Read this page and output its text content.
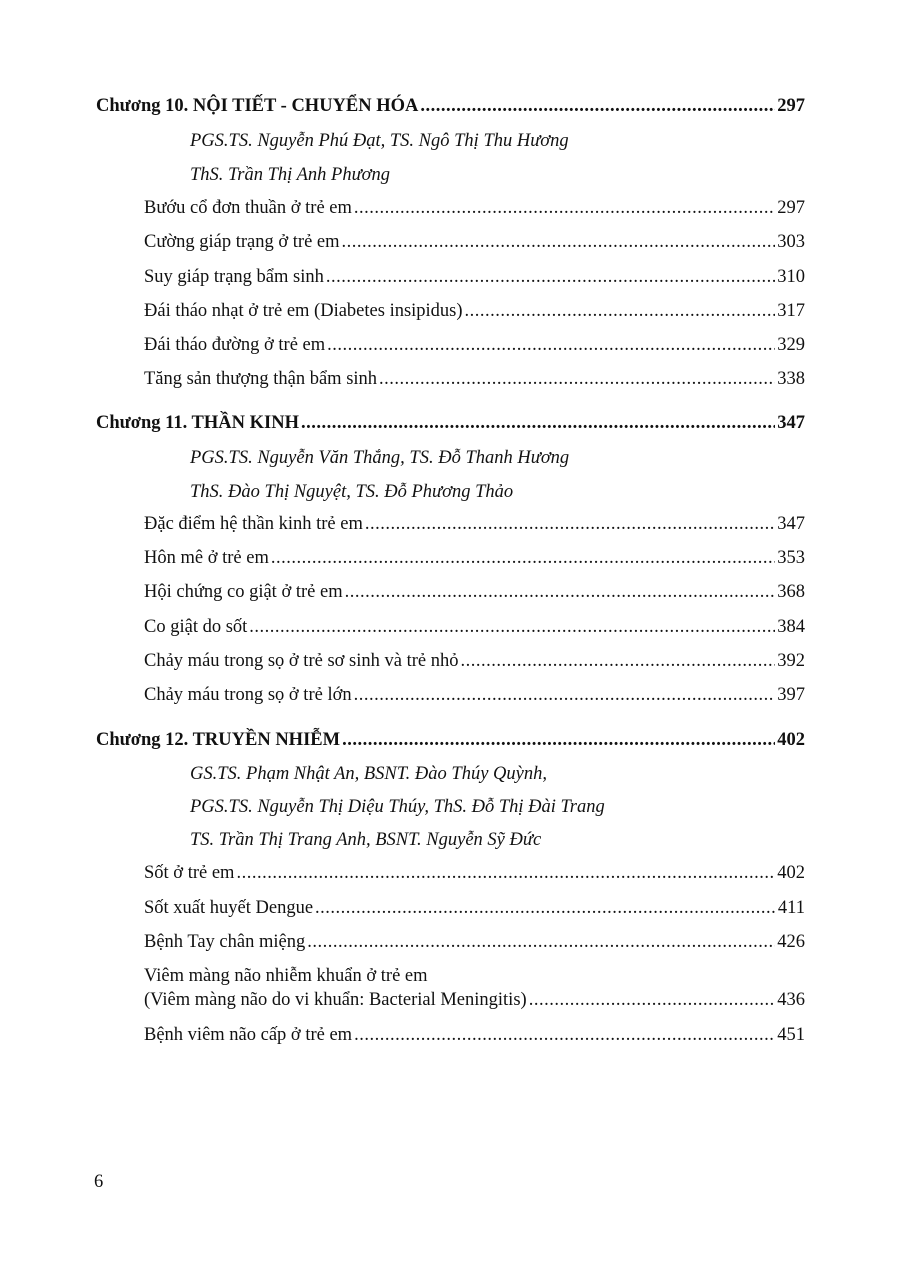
Chương 10. NỘI TIẾT - CHUYỂN HÓA .....	297
PGS.TS. Nguyễn Phú Đạt, TS. Ngô Thị Thu Hương
ThS. Trần Thị Anh Phương
Bướu cổ đơn thuần ở trẻ em .....	297
Cường giáp trạng ở trẻ em .....	303
Suy giáp trạng bẩm sinh .....	310
Đái tháo nhạt ở trẻ em (Diabetes insipidus) .....	317
Đái tháo đường ở trẻ em .....	329
Tăng sản thượng thận bẩm sinh .....	338
Chương 11. THẦN KINH .....	347
PGS.TS. Nguyễn Văn Thắng, TS. Đỗ Thanh Hương
ThS. Đào Thị Nguyệt, TS. Đỗ Phương Thảo
Đặc điểm hệ thần kinh trẻ em .....	347
Hôn mê ở trẻ em .....	353
Hội chứng co giật ở trẻ em .....	368
Co giật do sốt .....	384
Chảy máu trong sọ ở trẻ sơ sinh và trẻ nhỏ .....	392
Chảy máu trong sọ ở trẻ lớn .....	397
Chương 12. TRUYỀN NHIỄM .....	402
GS.TS. Phạm Nhật An, BSNT. Đào Thúy Quỳnh,
PGS.TS. Nguyễn Thị Diệu Thúy, ThS. Đỗ Thị Đài Trang
TS. Trần Thị Trang Anh, BSNT. Nguyễn Sỹ Đức
Sốt ở trẻ em .....	402
Sốt xuất huyết Dengue .....	411
Bệnh Tay chân miệng .....	426
Viêm màng não nhiễm khuẩn ở trẻ em
(Viêm màng não do vi khuẩn: Bacterial Meningitis) .....	436
Bệnh viêm não cấp ở trẻ em .....	451
6
